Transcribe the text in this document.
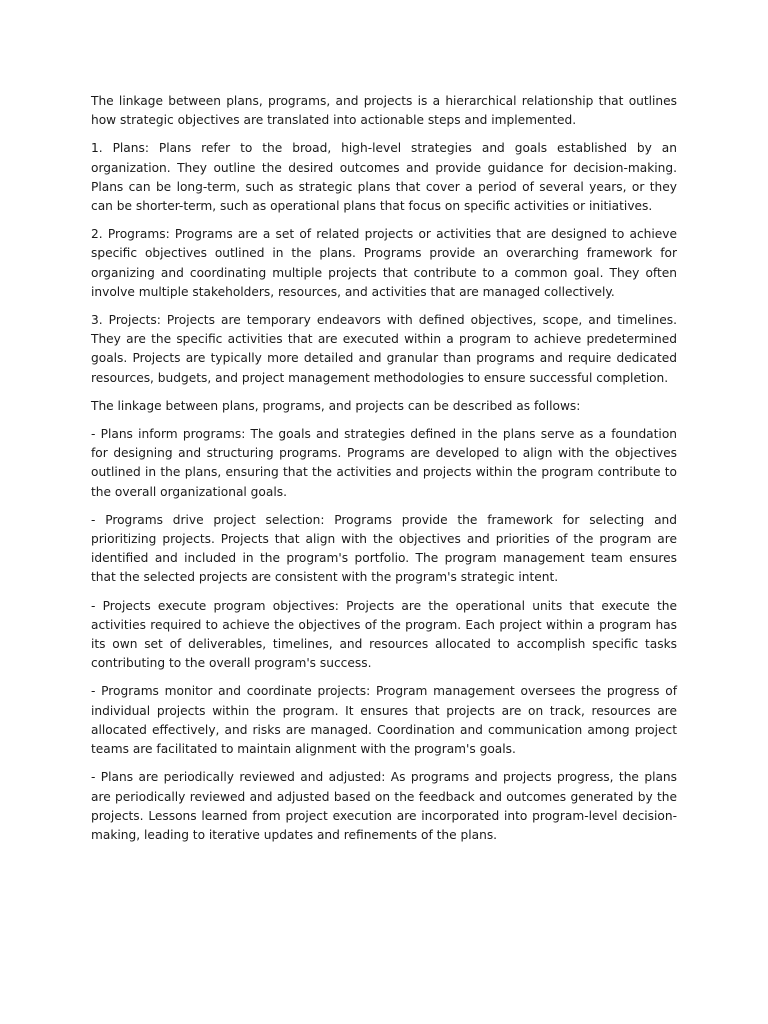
The linkage between plans, programs, and projects is a hierarchical relationship that outlines how strategic objectives are translated into actionable steps and implemented.

1. Plans: Plans refer to the broad, high-level strategies and goals established by an organization. They outline the desired outcomes and provide guidance for decision-making. Plans can be long-term, such as strategic plans that cover a period of several years, or they can be shorter-term, such as operational plans that focus on specific activities or initiatives.

2. Programs: Programs are a set of related projects or activities that are designed to achieve specific objectives outlined in the plans. Programs provide an overarching framework for organizing and coordinating multiple projects that contribute to a common goal. They often involve multiple stakeholders, resources, and activities that are managed collectively.

3. Projects: Projects are temporary endeavors with defined objectives, scope, and timelines. They are the specific activities that are executed within a program to achieve predetermined goals. Projects are typically more detailed and granular than programs and require dedicated resources, budgets, and project management methodologies to ensure successful completion.

The linkage between plans, programs, and projects can be described as follows:

- Plans inform programs: The goals and strategies defined in the plans serve as a foundation for designing and structuring programs. Programs are developed to align with the objectives outlined in the plans, ensuring that the activities and projects within the program contribute to the overall organizational goals.

- Programs drive project selection: Programs provide the framework for selecting and prioritizing projects. Projects that align with the objectives and priorities of the program are identified and included in the program's portfolio. The program management team ensures that the selected projects are consistent with the program's strategic intent.

- Projects execute program objectives: Projects are the operational units that execute the activities required to achieve the objectives of the program. Each project within a program has its own set of deliverables, timelines, and resources allocated to accomplish specific tasks contributing to the overall program's success.

- Programs monitor and coordinate projects: Program management oversees the progress of individual projects within the program. It ensures that projects are on track, resources are allocated effectively, and risks are managed. Coordination and communication among project teams are facilitated to maintain alignment with the program's goals.

- Plans are periodically reviewed and adjusted: As programs and projects progress, the plans are periodically reviewed and adjusted based on the feedback and outcomes generated by the projects. Lessons learned from project execution are incorporated into program-level decision-making, leading to iterative updates and refinements of the plans.
